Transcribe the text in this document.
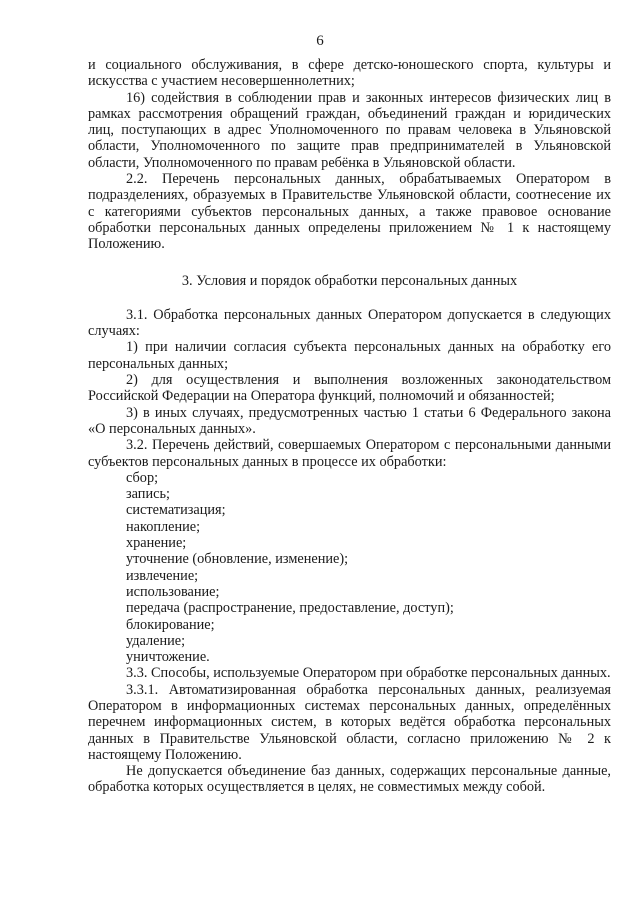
6

и социального обслуживания, в сфере детско-юношеского спорта, культуры и искусства с участием несовершеннолетних;

16) содействия в соблюдении прав и законных интересов физических лиц в рамках рассмотрения обращений граждан, объединений граждан и юридических лиц, поступающих в адрес Уполномоченного по правам человека в Ульяновской области, Уполномоченного по защите прав предпринимателей в Ульяновской области, Уполномоченного по правам ребёнка в Ульяновской области.

2.2. Перечень персональных данных, обрабатываемых Оператором в подразделениях, образуемых в Правительстве Ульяновской области, соотнесение их с категориями субъектов персональных данных, а также правовое основание обработки персональных данных определены приложением № 1 к настоящему Положению.

3. Условия и порядок обработки персональных данных

3.1. Обработка персональных данных Оператором допускается в следующих случаях:

1) при наличии согласия субъекта персональных данных на обработку его персональных данных;

2) для осуществления и выполнения возложенных законодательством Российской Федерации на Оператора функций, полномочий и обязанностей;

3) в иных случаях, предусмотренных частью 1 статьи 6 Федерального закона «О персональных данных».

3.2. Перечень действий, совершаемых Оператором с персональными данными субъектов персональных данных в процессе их обработки:

сбор;

запись;

систематизация;

накопление;

хранение;

уточнение (обновление, изменение);

извлечение;

использование;

передача (распространение, предоставление, доступ);

блокирование;

удаление;

уничтожение.

3.3. Способы, используемые Оператором при обработке персональных данных.

3.3.1. Автоматизированная обработка персональных данных, реализуемая Оператором в информационных системах персональных данных, определённых перечнем информационных систем, в которых ведётся обработка персональных данных в Правительстве Ульяновской области, согласно приложению № 2 к настоящему Положению.

Не допускается объединение баз данных, содержащих персональные данные, обработка которых осуществляется в целях, не совместимых между собой.
